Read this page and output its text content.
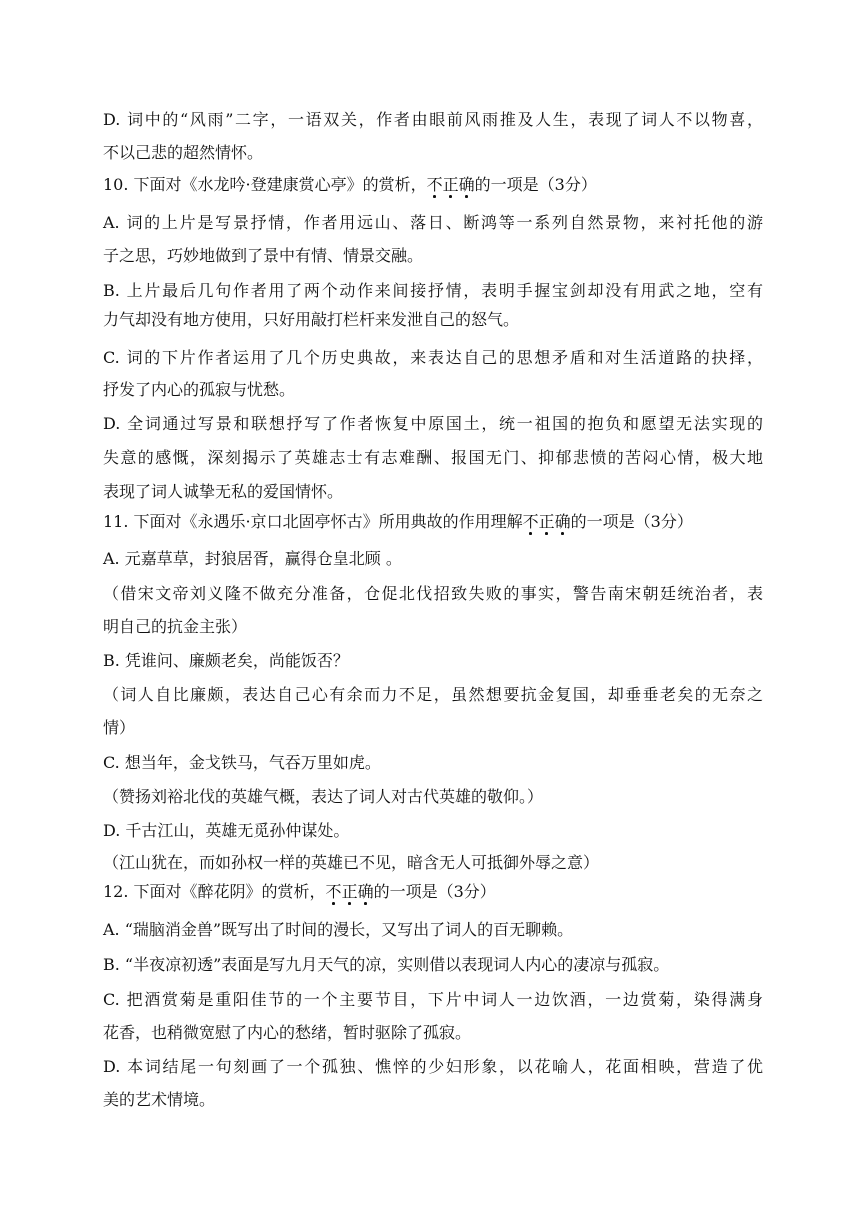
D. 词中的“风雨”二字，一语双关，作者由眼前风雨推及人生，表现了词人不以物喜，
不以己悲的超然情怀。
10. 下面对《水龙吟·登建康赏心亭》的赏析，不正确的一项是（3分）
A. 词的上片是写景抒情，作者用远山、落日、断鸿等一系列自然景物，来衬托他的游
子之思，巧妙地做到了景中有情、情景交融。
B. 上片最后几句作者用了两个动作来间接抒情，表明手握宝剑却没有用武之地，空有
力气却没有地方使用，只好用敲打栏杆来发泄自己的怒气。
C. 词的下片作者运用了几个历史典故，来表达自己的思想矛盾和对生活道路的抉择，
抒发了内心的孤寂与忧愁。
D. 全词通过写景和联想抒写了作者恢复中原国土，统一祖国的抱负和愿望无法实现的
失意的感慨，深刻揭示了英雄志士有志难酬、报国无门、抑郁悲愤的苦闷心情，极大地
表现了词人诚挚无私的爱国情怀。
11. 下面对《永遇乐·京口北固亭怀古》所用典故的作用理解不正确的一项是（3分）
A. 元嘉草草，封狼居胥，赢得仓皇北顾 。
（借宋文帝刘义隆不做充分准备，仓促北伐招致失败的事实，警告南宋朝廷统治者，表
明自己的抗金主张）
B. 凭谁问、廉颇老矣，尚能饭否？
（词人自比廉颇，表达自己心有余而力不足，虽然想要抗金复国，却垂垂老矣的无奈之
情）
C. 想当年，金戈铁马，气吞万里如虎。
（赞扬刘裕北伐的英雄气概，表达了词人对古代英雄的敬仰。）
D. 千古江山，英雄无觅孙仲谋处。
（江山犹在，而如孙权一样的英雄已不见，暗含无人可抵御外辱之意）
12. 下面对《醉花阴》的赏析，不正确的一项是（3分）
A. “瑞脑消金兽”既写出了时间的漫长，又写出了词人的百无聊赖。
B. “半夜凉初透”表面是写九月天气的凉，实则借以表现词人内心的凄凉与孤寂。
C. 把酒赏菊是重阳佳节的一个主要节目，下片中词人一边饮酒，一边赏菊，染得满身
花香，也稍微宽慰了内心的愁绪，暂时驱除了孤寂。
D. 本词结尾一句刻画了一个孤独、憔悴的少妇形象，以花喻人，花面相映，营造了优
美的艺术情境。
